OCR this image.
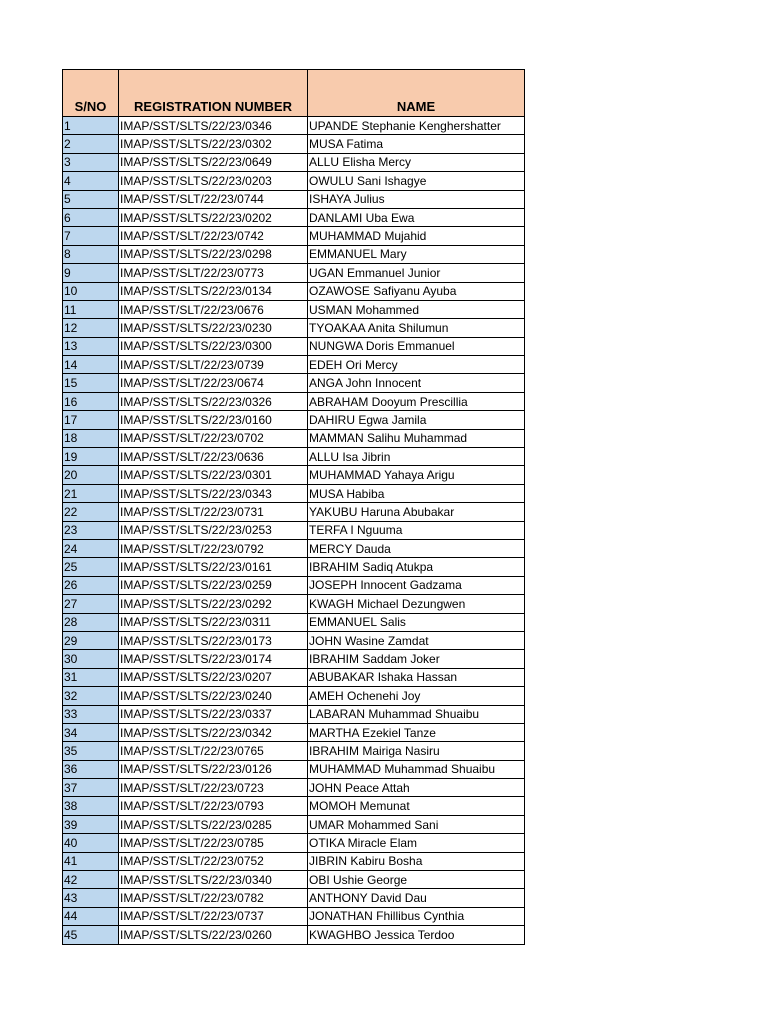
S/NO	REGISTRATION NUMBER	NAME
1	IMAP/SST/SLTS/22/23/0346	UPANDE Stephanie Kenghershatter
2	IMAP/SST/SLTS/22/23/0302	MUSA Fatima
3	IMAP/SST/SLTS/22/23/0649	ALLU Elisha Mercy
4	IMAP/SST/SLTS/22/23/0203	OWULU Sani Ishagye
5	IMAP/SST/SLT/22/23/0744	ISHAYA Julius
6	IMAP/SST/SLTS/22/23/0202	DANLAMI Uba Ewa
7	IMAP/SST/SLT/22/23/0742	MUHAMMAD Mujahid
8	IMAP/SST/SLTS/22/23/0298	EMMANUEL Mary
9	IMAP/SST/SLT/22/23/0773	UGAN Emmanuel Junior
10	IMAP/SST/SLTS/22/23/0134	OZAWOSE Safiyanu Ayuba
11	IMAP/SST/SLT/22/23/0676	USMAN Mohammed
12	IMAP/SST/SLTS/22/23/0230	TYOAKAA Anita Shilumun
13	IMAP/SST/SLTS/22/23/0300	NUNGWA Doris Emmanuel
14	IMAP/SST/SLT/22/23/0739	EDEH Ori Mercy
15	IMAP/SST/SLT/22/23/0674	ANGA John Innocent
16	IMAP/SST/SLTS/22/23/0326	ABRAHAM Dooyum Prescillia
17	IMAP/SST/SLTS/22/23/0160	DAHIRU Egwa Jamila
18	IMAP/SST/SLT/22/23/0702	MAMMAN Salihu Muhammad
19	IMAP/SST/SLT/22/23/0636	ALLU Isa Jibrin
20	IMAP/SST/SLTS/22/23/0301	MUHAMMAD Yahaya Arigu
21	IMAP/SST/SLTS/22/23/0343	MUSA Habiba
22	IMAP/SST/SLT/22/23/0731	YAKUBU Haruna Abubakar
23	IMAP/SST/SLTS/22/23/0253	TERFA I Nguuma
24	IMAP/SST/SLT/22/23/0792	MERCY Dauda
25	IMAP/SST/SLTS/22/23/0161	IBRAHIM Sadiq Atukpa
26	IMAP/SST/SLTS/22/23/0259	JOSEPH Innocent Gadzama
27	IMAP/SST/SLTS/22/23/0292	KWAGH Michael Dezungwen
28	IMAP/SST/SLTS/22/23/0311	EMMANUEL Salis
29	IMAP/SST/SLTS/22/23/0173	JOHN Wasine Zamdat
30	IMAP/SST/SLTS/22/23/0174	IBRAHIM Saddam Joker
31	IMAP/SST/SLTS/22/23/0207	ABUBAKAR Ishaka Hassan
32	IMAP/SST/SLTS/22/23/0240	AMEH Ochenehi Joy
33	IMAP/SST/SLTS/22/23/0337	LABARAN Muhammad Shuaibu
34	IMAP/SST/SLTS/22/23/0342	MARTHA Ezekiel Tanze
35	IMAP/SST/SLT/22/23/0765	IBRAHIM Mairiga Nasiru
36	IMAP/SST/SLTS/22/23/0126	MUHAMMAD Muhammad Shuaibu
37	IMAP/SST/SLT/22/23/0723	JOHN Peace Attah
38	IMAP/SST/SLT/22/23/0793	MOMOH Memunat
39	IMAP/SST/SLTS/22/23/0285	UMAR Mohammed Sani
40	IMAP/SST/SLT/22/23/0785	OTIKA Miracle Elam
41	IMAP/SST/SLT/22/23/0752	JIBRIN Kabiru Bosha
42	IMAP/SST/SLTS/22/23/0340	OBI Ushie George
43	IMAP/SST/SLT/22/23/0782	ANTHONY David Dau
44	IMAP/SST/SLT/22/23/0737	JONATHAN Fhillibus Cynthia
45	IMAP/SST/SLTS/22/23/0260	KWAGHBO Jessica Terdoo
